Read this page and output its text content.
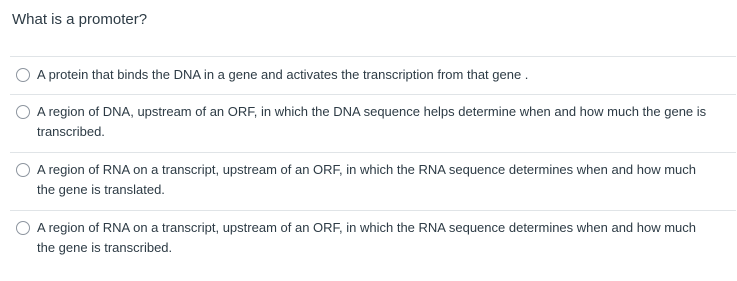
What is a promoter?
A protein that binds the DNA in a gene and activates the transcription from that gene .
A region of DNA, upstream of an ORF, in which the DNA sequence helps determine when and how much the gene is transcribed.
A region of RNA on a transcript, upstream of an ORF, in which the RNA sequence determines when and how much the gene is translated.
A region of RNA on a transcript, upstream of an ORF, in which the RNA sequence determines when and how much the gene is transcribed.
